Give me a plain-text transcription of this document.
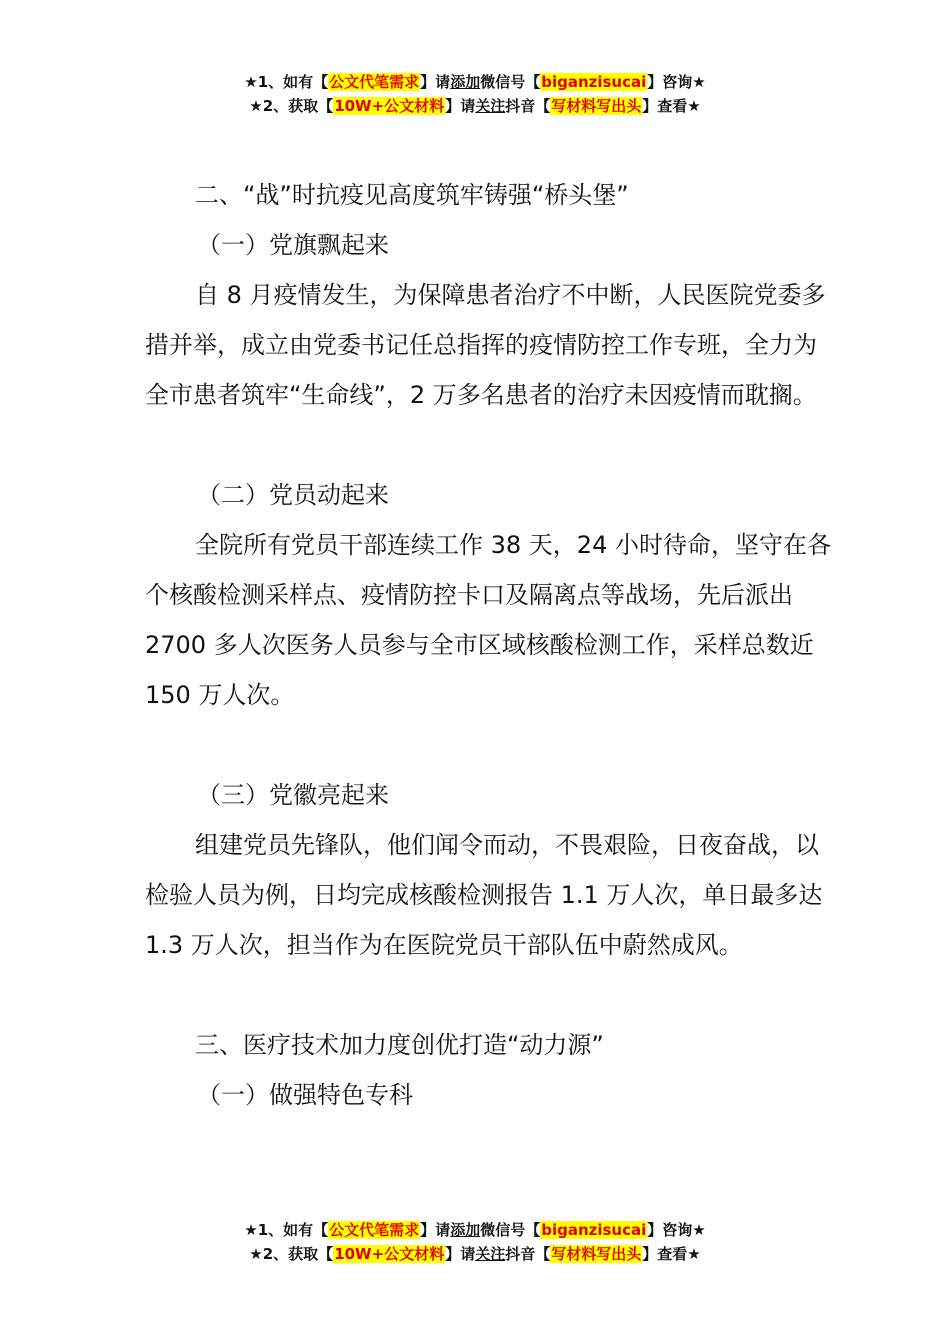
★1、如有【公文代笔需求】请添加微信号【biganzisucai】咨询★
★2、获取【10W+公文材料】请关注抖音【写材料写出头】查看★

二、“战”时抗疫见高度筑牢铸强“桥头堡”

（一）党旗飘起来

自 8 月疫情发生，为保障患者治疗不中断，人民医院党委多措并举，成立由党委书记任总指挥的疫情防控工作专班，全力为全市患者筑牢“生命线”，2 万多名患者的治疗未因疫情而耽搁。

（二）党员动起来

全院所有党员干部连续工作 38 天，24 小时待命，坚守在各个核酸检测采样点、疫情防控卡口及隔离点等战场，先后派出 2700 多人次医务人员参与全市区域核酸检测工作，采样总数近 150 万人次。

（三）党徽亮起来

组建党员先锋队，他们闻令而动，不畏艰险，日夜奋战，以检验人员为例，日均完成核酸检测报告 1.1 万人次，单日最多达 1.3 万人次，担当作为在医院党员干部队伍中蔚然成风。

三、医疗技术加力度创优打造“动力源”

（一）做强特色专科

★1、如有【公文代笔需求】请添加微信号【biganzisucai】咨询★
★2、获取【10W+公文材料】请关注抖音【写材料写出头】查看★
